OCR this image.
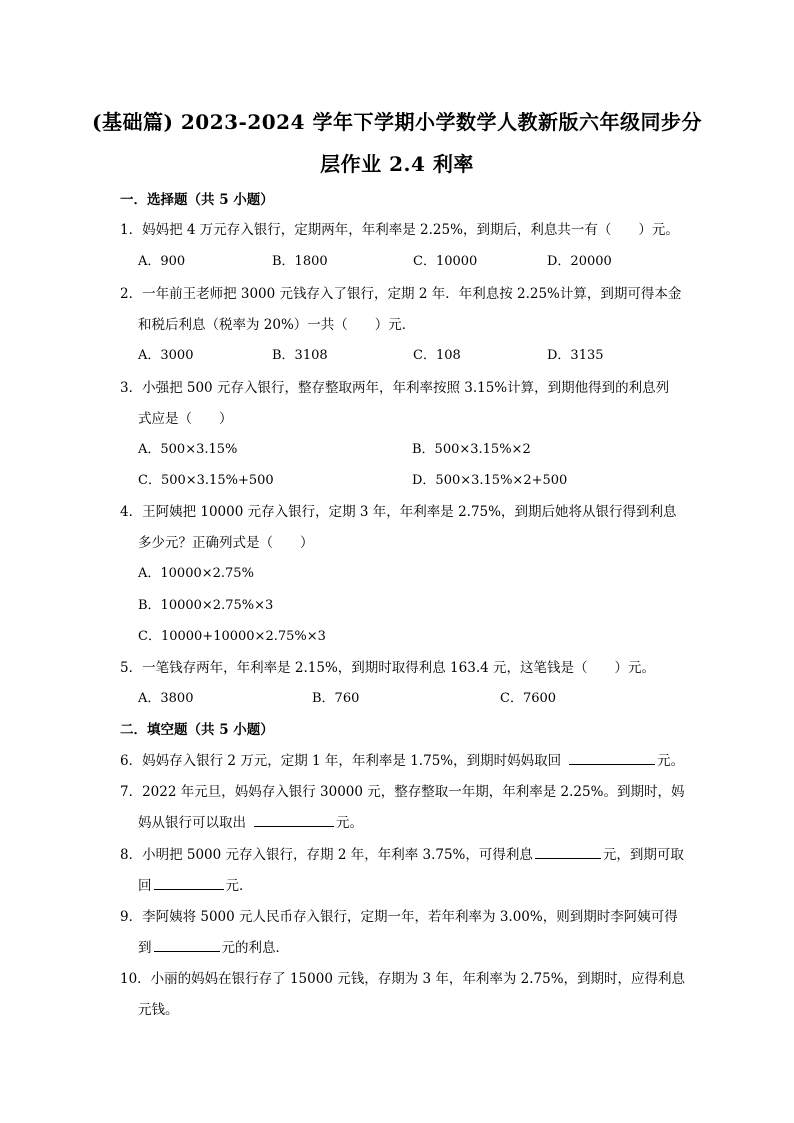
(基础篇) 2023-2024 学年下学期小学数学人教新版六年级同步分
层作业 2.4 利率
一．选择题（共 5 小题）
1．妈妈把 4 万元存入银行，定期两年，年利率是 2.25%，到期后，利息共一有（　　）元。
A．900	B．1800	C．10000	D．20000
2．一年前王老师把 3000 元钱存入了银行，定期 2 年．年利息按 2.25%计算，到期可得本金
和税后利息（税率为 20%）一共（　　）元．
A．3000	B．3108	C．108	D．3135
3．小强把 500 元存入银行，整存整取两年，年利率按照 3.15%计算，到期他得到的利息列
式应是（　　）
A．500×3.15%	B．500×3.15%×2
C．500×3.15%+500	D．500×3.15%×2+500
4．王阿姨把 10000 元存入银行，定期 3 年，年利率是 2.75%，到期后她将从银行得到利息
多少元？正确列式是（　　）
A．10000×2.75%
B．10000×2.75%×3
C．10000+10000×2.75%×3
5．一笔钱存两年，年利率是 2.15%，到期时取得利息 163.4 元，这笔钱是（　　）元。
A．3800	B．760	C．7600
二．填空题（共 5 小题）
6．妈妈存入银行 2 万元，定期 1 年，年利率是 1.75%，到期时妈妈取回	元。
7．2022 年元旦，妈妈存入银行 30000 元，整存整取一年期，年利率是 2.25%。到期时，妈
妈从银行可以取出	元。
8．小明把 5000 元存入银行，存期 2 年，年利率 3.75%，可得利息	元，到期可取
回	元．
9．李阿姨将 5000 元人民币存入银行，定期一年，若年利率为 3.00%，则到期时李阿姨可得
到	元的利息．
10．小丽的妈妈在银行存了 15000 元钱，存期为 3 年，年利率为 2.75%，到期时，应得利息
元钱。
